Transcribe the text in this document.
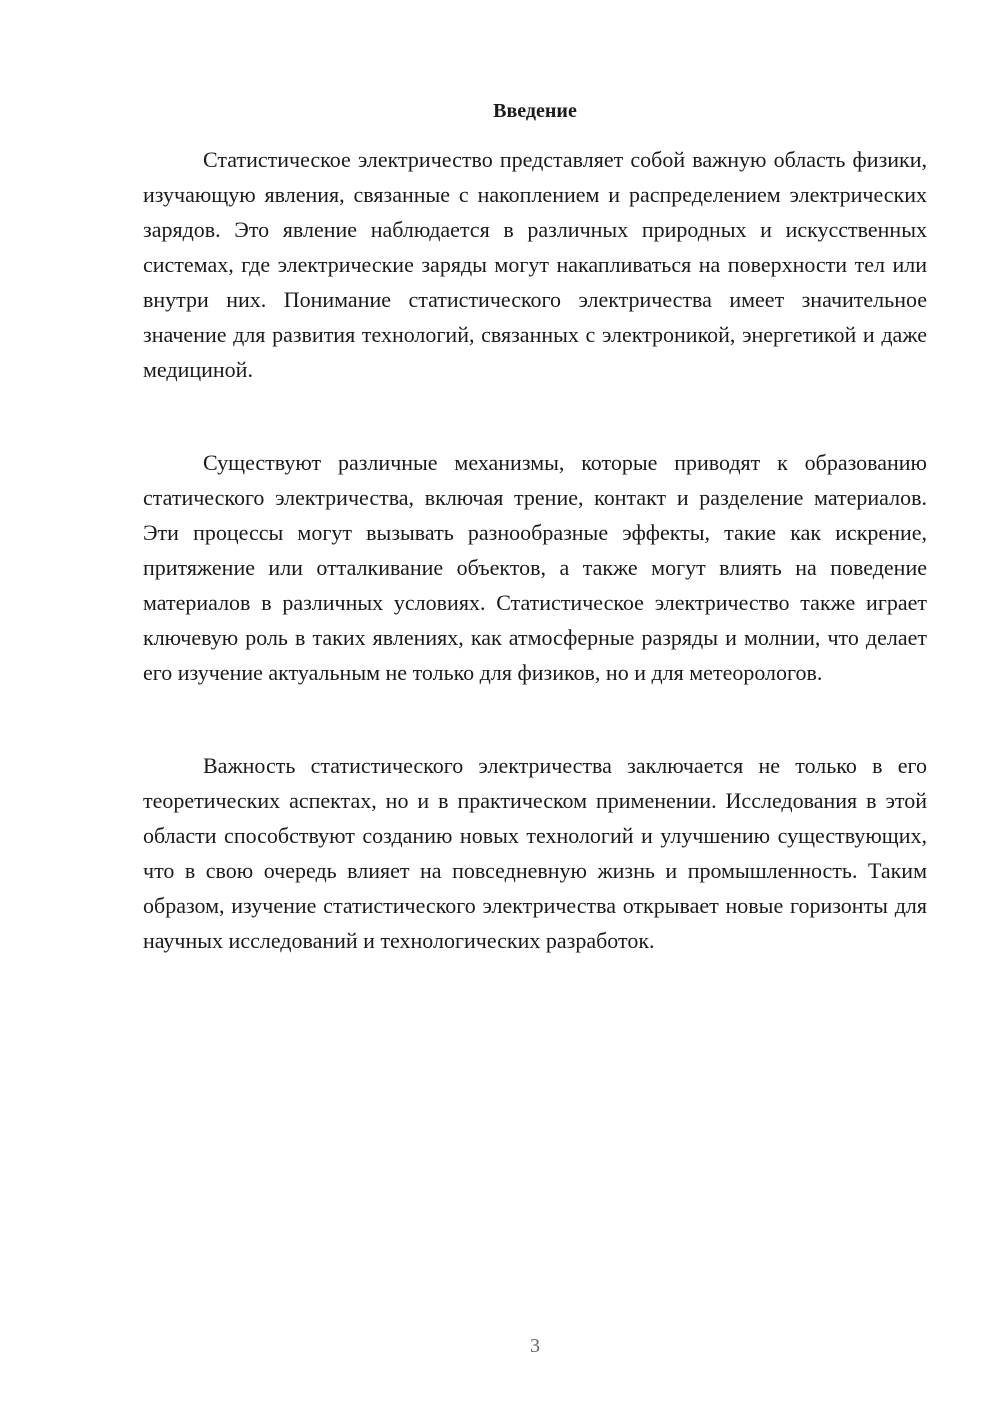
Введение

Статистическое электричество представляет собой важную область физики, изучающую явления, связанные с накоплением и распределением электрических зарядов. Это явление наблюдается в различных природных и искусственных системах, где электрические заряды могут накапливаться на поверхности тел или внутри них. Понимание статистического электричества имеет значительное значение для развития технологий, связанных с электроникой, энергетикой и даже медициной.

Существуют различные механизмы, которые приводят к образованию статического электричества, включая трение, контакт и разделение материалов. Эти процессы могут вызывать разнообразные эффекты, такие как искрение, притяжение или отталкивание объектов, а также могут влиять на поведение материалов в различных условиях. Статистическое электричество также играет ключевую роль в таких явлениях, как атмосферные разряды и молнии, что делает его изучение актуальным не только для физиков, но и для метеорологов.

Важность статистического электричества заключается не только в его теоретических аспектах, но и в практическом применении. Исследования в этой области способствуют созданию новых технологий и улучшению существующих, что в свою очередь влияет на повседневную жизнь и промышленность. Таким образом, изучение статистического электричества открывает новые горизонты для научных исследований и технологических разработок.

3
